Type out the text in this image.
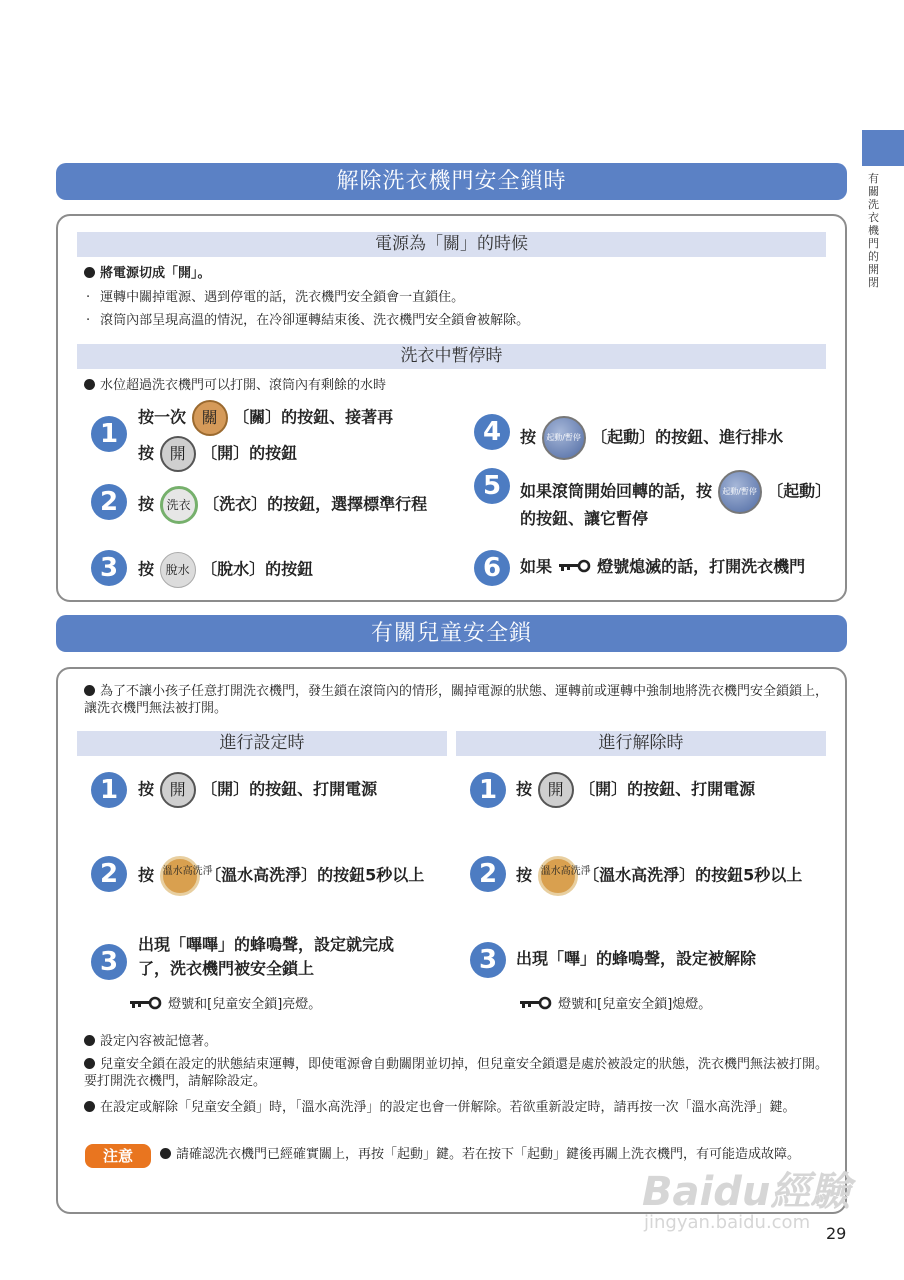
有關洗衣機門的開閉
解除洗衣機門安全鎖時
電源為「關」的時候
將電源切成「開」。
· 運轉中關掉電源、遇到停電的話，洗衣機門安全鎖會一直鎖住。
· 滾筒內部呈現高溫的情況，在冷卻運轉結束後、洗衣機門安全鎖會被解除。
洗衣中暫停時
水位超過洗衣機門可以打開、滾筒內有剩餘的水時
1
按一次 關 〔關〕的按鈕、接著再
按 開 〔開〕的按鈕
2	按 洗衣 〔洗衣〕的按鈕，選擇標準行程
3	按 脫水 〔脫水〕的按鈕
4	按 起動/暫停 〔起動〕的按鈕、進行排水
5	如果滾筒開始回轉的話，按 起動/暫停 〔起動〕
的按鈕、讓它暫停
6	如果	燈號熄滅的話，打開洗衣機門
有關兒童安全鎖
為了不讓小孩子任意打開洗衣機門，發生鎖在滾筒內的情形，關掉電源的狀態、運轉前或運轉中強制地將洗衣機門安全鎖鎖上，讓洗衣機門無法被打開。
進行設定時	進行解除時
1	按 開 〔開〕的按鈕、打開電源
2	按 溫水高洗淨 〔溫水高洗淨〕的按鈕5秒以上
3
出現「嗶嗶」的蜂鳴聲，設定就完成
了，洗衣機門被安全鎖上
燈號和[兒童安全鎖]亮燈。
1	按 開 〔開〕的按鈕、打開電源
2	按 溫水高洗淨 〔溫水高洗淨〕的按鈕5秒以上
3	出現「嗶」的蜂鳴聲，設定被解除
燈號和[兒童安全鎖]熄燈。
設定內容被記憶著。
兒童安全鎖在設定的狀態結束運轉，即使電源會自動關閉並切掉，但兒童安全鎖還是處於被設定的狀態，洗衣機門無法被打開。要打開洗衣機門，請解除設定。
在設定或解除「兒童安全鎖」時，「溫水高洗淨」的設定也會一併解除。若欲重新設定時，請再按一次「溫水高洗淨」鍵。
注意	請確認洗衣機門已經確實關上，再按「起動」鍵。若在按下「起動」鍵後再關上洗衣機門，有可能造成故障。
Baidu經驗
jingyan.baidu.com
29
